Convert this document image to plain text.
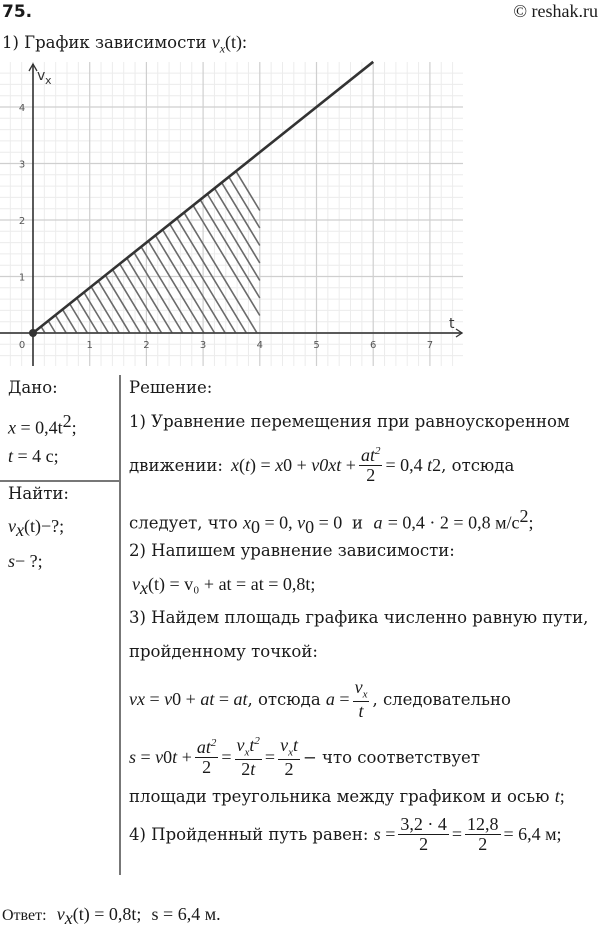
75.	© reshak.ru
1) График зависимости $v_x(t)$:
0	1	2	3	4	5	6	7
1
2
3
4
v x
t
Дано:
$x = 0,4t^2$;
t = 4 с;
Найти:
$v_x(t)-$?;
s− ?;
Решение:
1) Уравнение перемещения при равноускоренном
движении: x ( t ) = x 0 + v 0x $t + \frac{at^2}{2} = 0,4$ t 2 , отсюда
следует, что $x_0 = 0$, $v_0 = 0$  и a = 0,4 · 2 = 0,8 $м/с^2$;
2) Напишем уравнение зависимости:
$v_x(t) = v_0$ + at = at = 0,8t;
3) Найдем площадь графика численно равную пути,
пройденному точкой:
v x = v 0 + at = at , отсюда
$a = \frac{v_x}{t}$ , следовательно
s = v 0 $t + \frac{at^2}{2} = \frac{v_xt^2}{2t} = \frac{v_xt}{2}$ − что соответствует
площади треугольника между графиком и осью t;
4) Пройденный путь равен:
$s = \frac{3,2 \cdot 4}{2} = \frac{12,8}{2} = 6,4$ м;
Ответ: $v_x(t) = 0,8t$; s = 6,4 м.
